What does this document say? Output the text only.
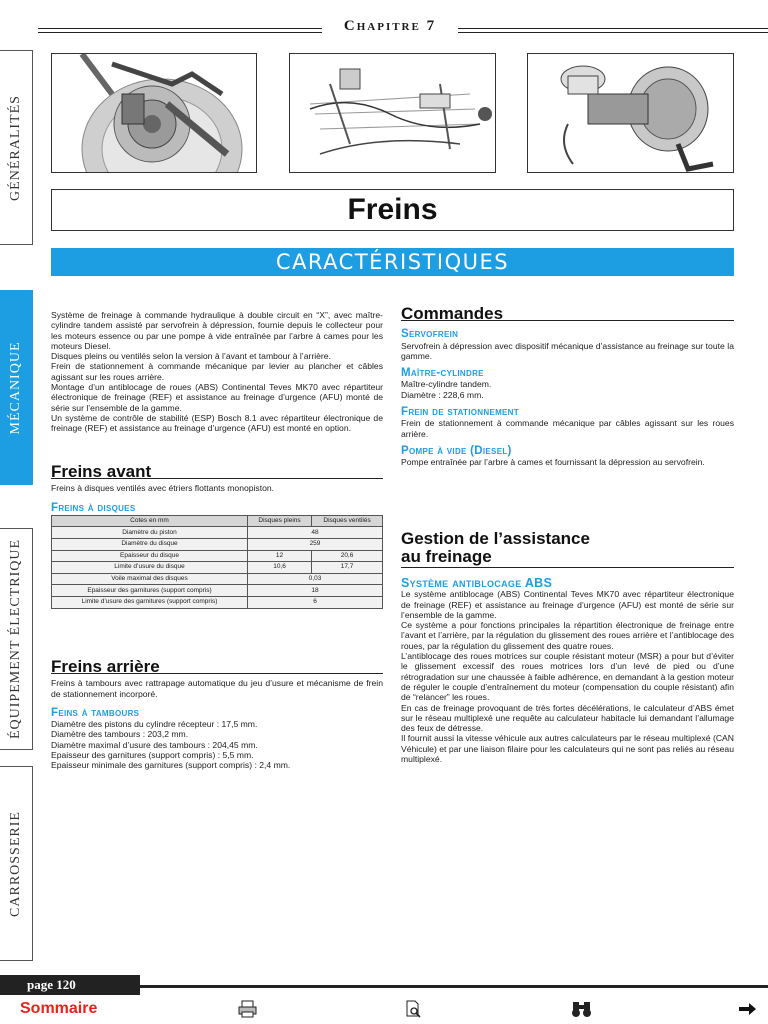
Chapitre 7
GÉNÉRALITÉS
MÉCANIQUE
ÉQUIPEMENT ÉLECTRIQUE
CARROSSERIE
Freins
CARACTÉRISTIQUES

Système de freinage à commande hydraulique à double circuit en “X”, avec maître-cylindre tandem assisté par servofrein à dépression, fournie depuis le collecteur pour les moteurs essence ou par une pompe à vide entraînée par l’arbre à cames pour les moteurs Diesel.

Disques pleins ou ventilés selon la version à l’avant et tambour à l’arrière.

Frein de stationnement à commande mécanique par levier au plancher et câbles agissant sur les roues arrière.

Montage d’un antiblocage de roues (ABS) Continental Teves MK70 avec répartiteur électronique de freinage (REF) et assistance au freinage d’urgence (AFU) monté de série sur l’ensemble de la gamme.

Un système de contrôle de stabilité (ESP) Bosch 8.1 avec répartiteur électronique de freinage (REF) et assistance au freinage d’urgence (AFU) est monté en option.

Freins avant

Freins à disques ventilés avec étriers flottants monopiston.

Freins à disques
Cotes en mm	Disques pleins	Disques ventilés
Diamètre du piston	48	
Diamètre du disque	259	
Epaisseur du disque	12	20,6
Limite d’usure du disque	10,6	17,7
Voile maximal des disques	0,03	
Epaisseur des garnitures (support compris)	18	
Limite d’usure des garnitures (support compris)	6	
Freins arrière

Freins à tambours avec rattrapage automatique du jeu d’usure et mécanisme de frein de stationnement incorporé.

Feins à tambours
Diamètre des pistons du cylindre récepteur : 17,5 mm.
Diamètre des tambours : 203,2 mm.
Diamètre maximal d’usure des tambours : 204,45 mm.
Epaisseur des garnitures (support compris) : 5,5 mm.
Epaisseur minimale des garnitures (support compris) : 2,4 mm.
Commandes
Servofrein

Servofrein à dépression avec dispositif mécanique d’assistance au freinage sur toute la gamme.

Maître-cylindre

Maître-cylindre tandem.
Diamètre : 228,6 mm.

Frein de stationnement

Frein de stationnement à commande mécanique par câbles agissant sur les roues arrière.

Pompe à vide (Diesel)

Pompe entraînée par l’arbre à cames et fournissant la dépression au servofrein.

Gestion de l’assistance
au freinage
Système antiblocage ABS

Le système antiblocage (ABS) Continental Teves MK70 avec répartiteur électronique de freinage (REF) et assistance au freinage d’urgence (AFU) est monté de série sur l’ensemble de la gamme.

Ce système a pour fonctions principales la répartition électronique de freinage entre l’avant et l’arrière, par la régulation du glissement des roues arrière et l’antiblocage des roues, par la régulation du glissement des quatre roues.

L’antiblocage des roues motrices sur couple résistant moteur (MSR) a pour but d’éviter le glissement excessif des roues motrices lors d’un levé de pied ou d’une rétrogradation sur une chaussée à faible adhérence, en demandant à la gestion moteur de réguler le couple d’entraînement du moteur (compensation du couple résistant) afin de “relancer” les roues.

En cas de freinage provoquant de très fortes décélérations, le calculateur d’ABS émet sur le réseau multiplexé une requête au calculateur habitacle lui demandant l’allumage des feux de détresse.

Il fournit aussi la vitesse véhicule aux autres calculateurs par le réseau multiplexé (CAN Véhicule) et par une liaison filaire pour les calculateurs qui ne sont pas reliés au réseau multiplexé.

page 120
Sommaire
